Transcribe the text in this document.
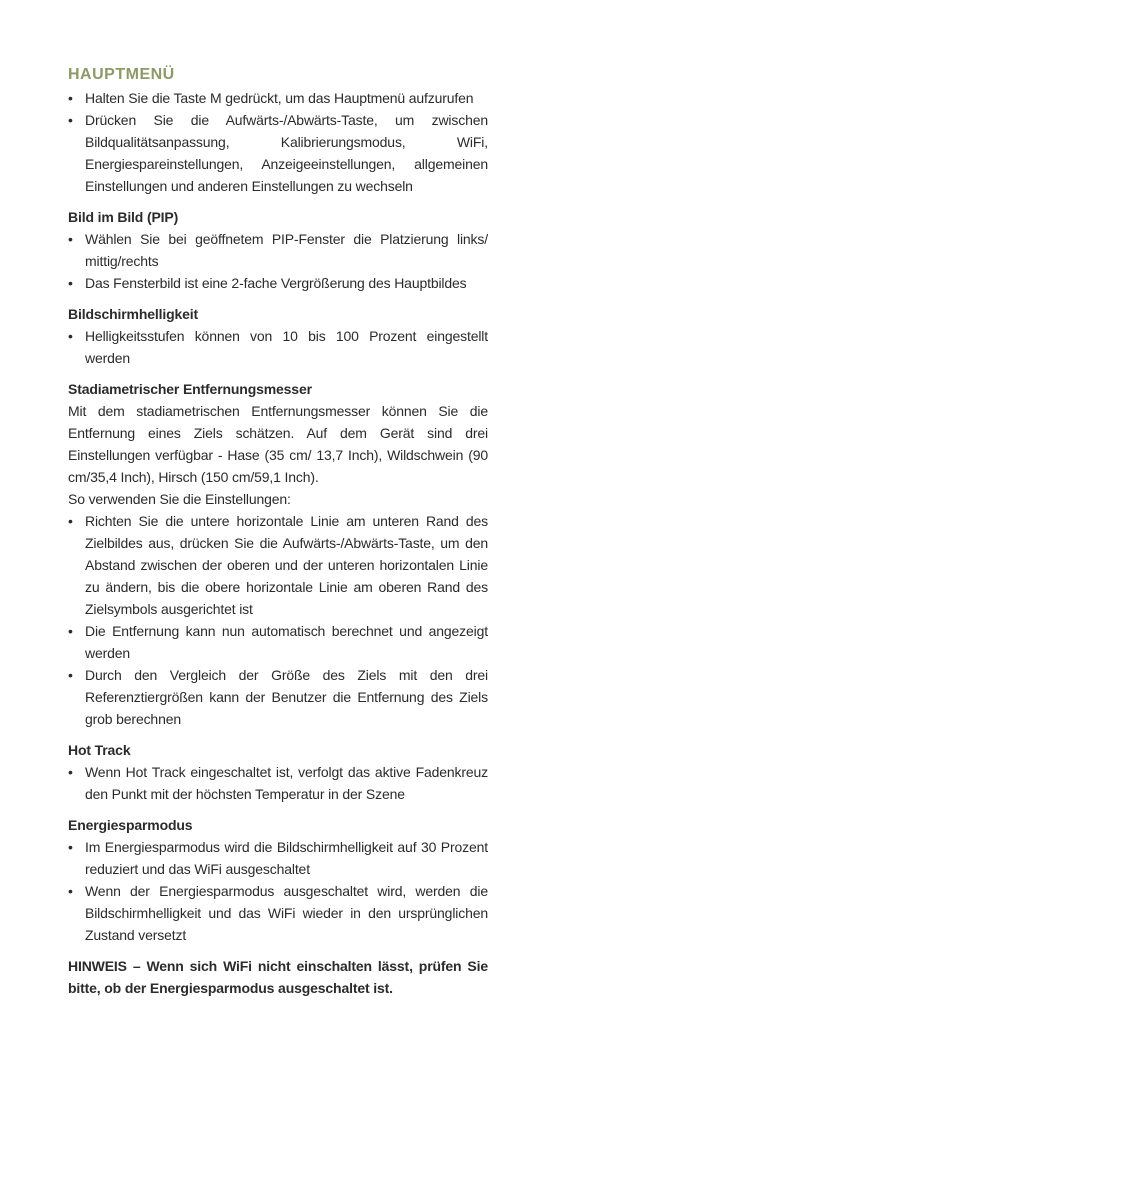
HAUPTMENÜ
• Halten Sie die Taste M gedrückt, um das Hauptmenü aufzurufen
• Drücken Sie die Aufwärts-/Abwärts-Taste, um zwischen Bildqualitätsanpassung, Kalibrierungsmodus, WiFi, Energiespareinstellungen, Anzeigeeinstellungen, allgemeinen Einstellungen und anderen Einstellungen zu wechseln
Bild im Bild (PIP)
• Wählen Sie bei geöffnetem PIP-Fenster die Platzierung links/ mittig/rechts
• Das Fensterbild ist eine 2-fache Vergrößerung des Hauptbildes
Bildschirmhelligkeit
• Helligkeitsstufen können von 10 bis 100 Prozent eingestellt werden
Stadiametrischer Entfernungsmesser

Mit dem stadiametrischen Entfernungsmesser können Sie die Entfernung eines Ziels schätzen. Auf dem Gerät sind drei Einstellungen verfügbar - Hase (35 cm/ 13,7 Inch), Wildschwein (90 cm/35,4 Inch), Hirsch (150 cm/59,1 Inch).

So verwenden Sie die Einstellungen:

• Richten Sie die untere horizontale Linie am unteren Rand des Zielbildes aus, drücken Sie die Aufwärts-/Abwärts-Taste, um den Abstand zwischen der oberen und der unteren horizontalen Linie zu ändern, bis die obere horizontale Linie am oberen Rand des Zielsymbols ausgerichtet ist
• Die Entfernung kann nun automatisch berechnet und angezeigt werden
• Durch den Vergleich der Größe des Ziels mit den drei Referenztiergrößen kann der Benutzer die Entfernung des Ziels grob berechnen
Hot Track
• Wenn Hot Track eingeschaltet ist, verfolgt das aktive Fadenkreuz den Punkt mit der höchsten Temperatur in der Szene
Energiesparmodus
• Im Energiesparmodus wird die Bildschirmhelligkeit auf 30 Prozent reduziert und das WiFi ausgeschaltet
• Wenn der Energiesparmodus ausgeschaltet wird, werden die Bildschirmhelligkeit und das WiFi wieder in den ursprünglichen Zustand versetzt

HINWEIS – Wenn sich WiFi nicht einschalten lässt, prüfen Sie bitte, ob der Energiesparmodus ausgeschaltet ist.
